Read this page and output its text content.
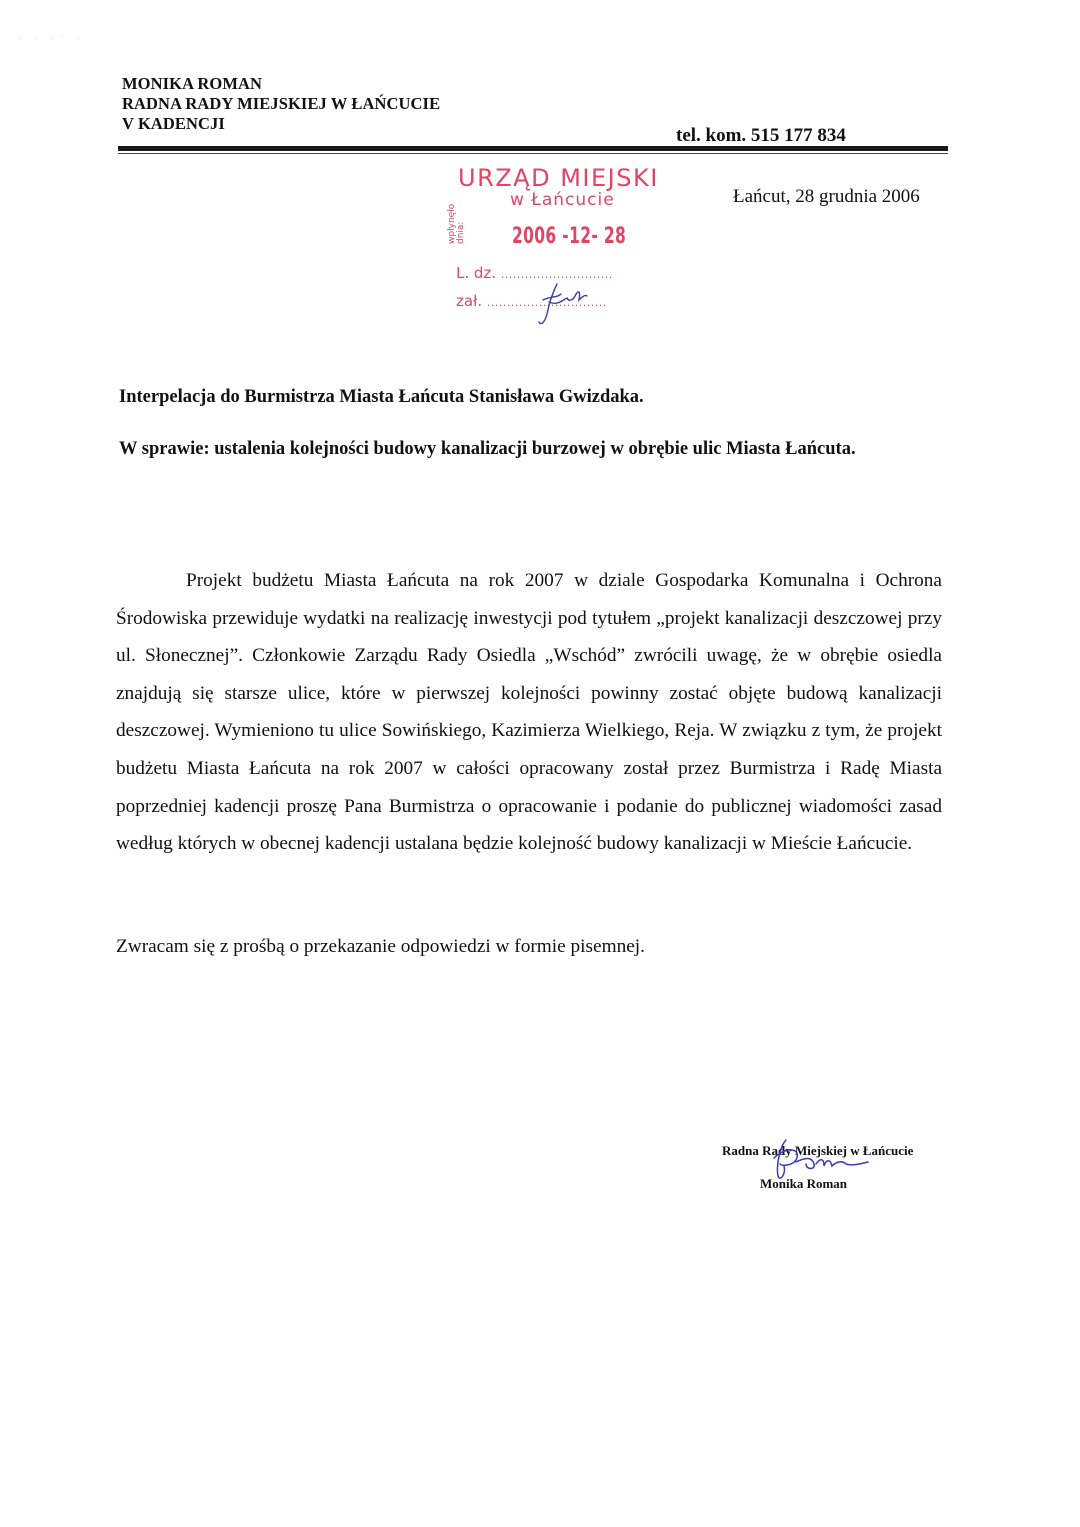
· · ·˙ ·
MONIKA ROMAN
RADNA RADY MIEJSKIEJ W ŁAŃCUCIE
V KADENCJI
tel. kom. 515 177 834
URZĄD MIEJSKI
w Łańcucie
wpłynęło dnia: 2006 -12- 28
L. dz. ............................
zał. ..............................
Łańcut, 28 grudnia 2006
Interpelacja do Burmistrza Miasta Łańcuta Stanisława Gwizdaka.
W sprawie: ustalenia kolejności budowy kanalizacji burzowej w obrębie ulic Miasta Łańcuta.

Projekt budżetu Miasta Łańcuta na rok 2007 w dziale Gospodarka Komunalna i Ochrona Środowiska przewiduje wydatki na realizację inwestycji pod tytułem „projekt kanalizacji deszczowej przy ul. Słonecznej”. Członkowie Zarządu Rady Osiedla „Wschód” zwrócili uwagę, że w obrębie osiedla znajdują się starsze ulice, które w pierwszej kolejności powinny zostać objęte budową kanalizacji deszczowej. Wymieniono tu ulice Sowińskiego, Kazimierza Wielkiego, Reja. W związku z tym, że projekt budżetu Miasta Łańcuta na rok 2007 w całości opracowany został przez Burmistrza i Radę Miasta poprzedniej kadencji proszę Pana Burmistrza o opracowanie i podanie do publicznej wiadomości zasad według których w obecnej kadencji ustalana będzie kolejność budowy kanalizacji w Mieście Łańcucie.

Zwracam się z prośbą o przekazanie odpowiedzi w formie pisemnej.
Radna Rady Miejskiej w Łańcucie
Monika Roman
